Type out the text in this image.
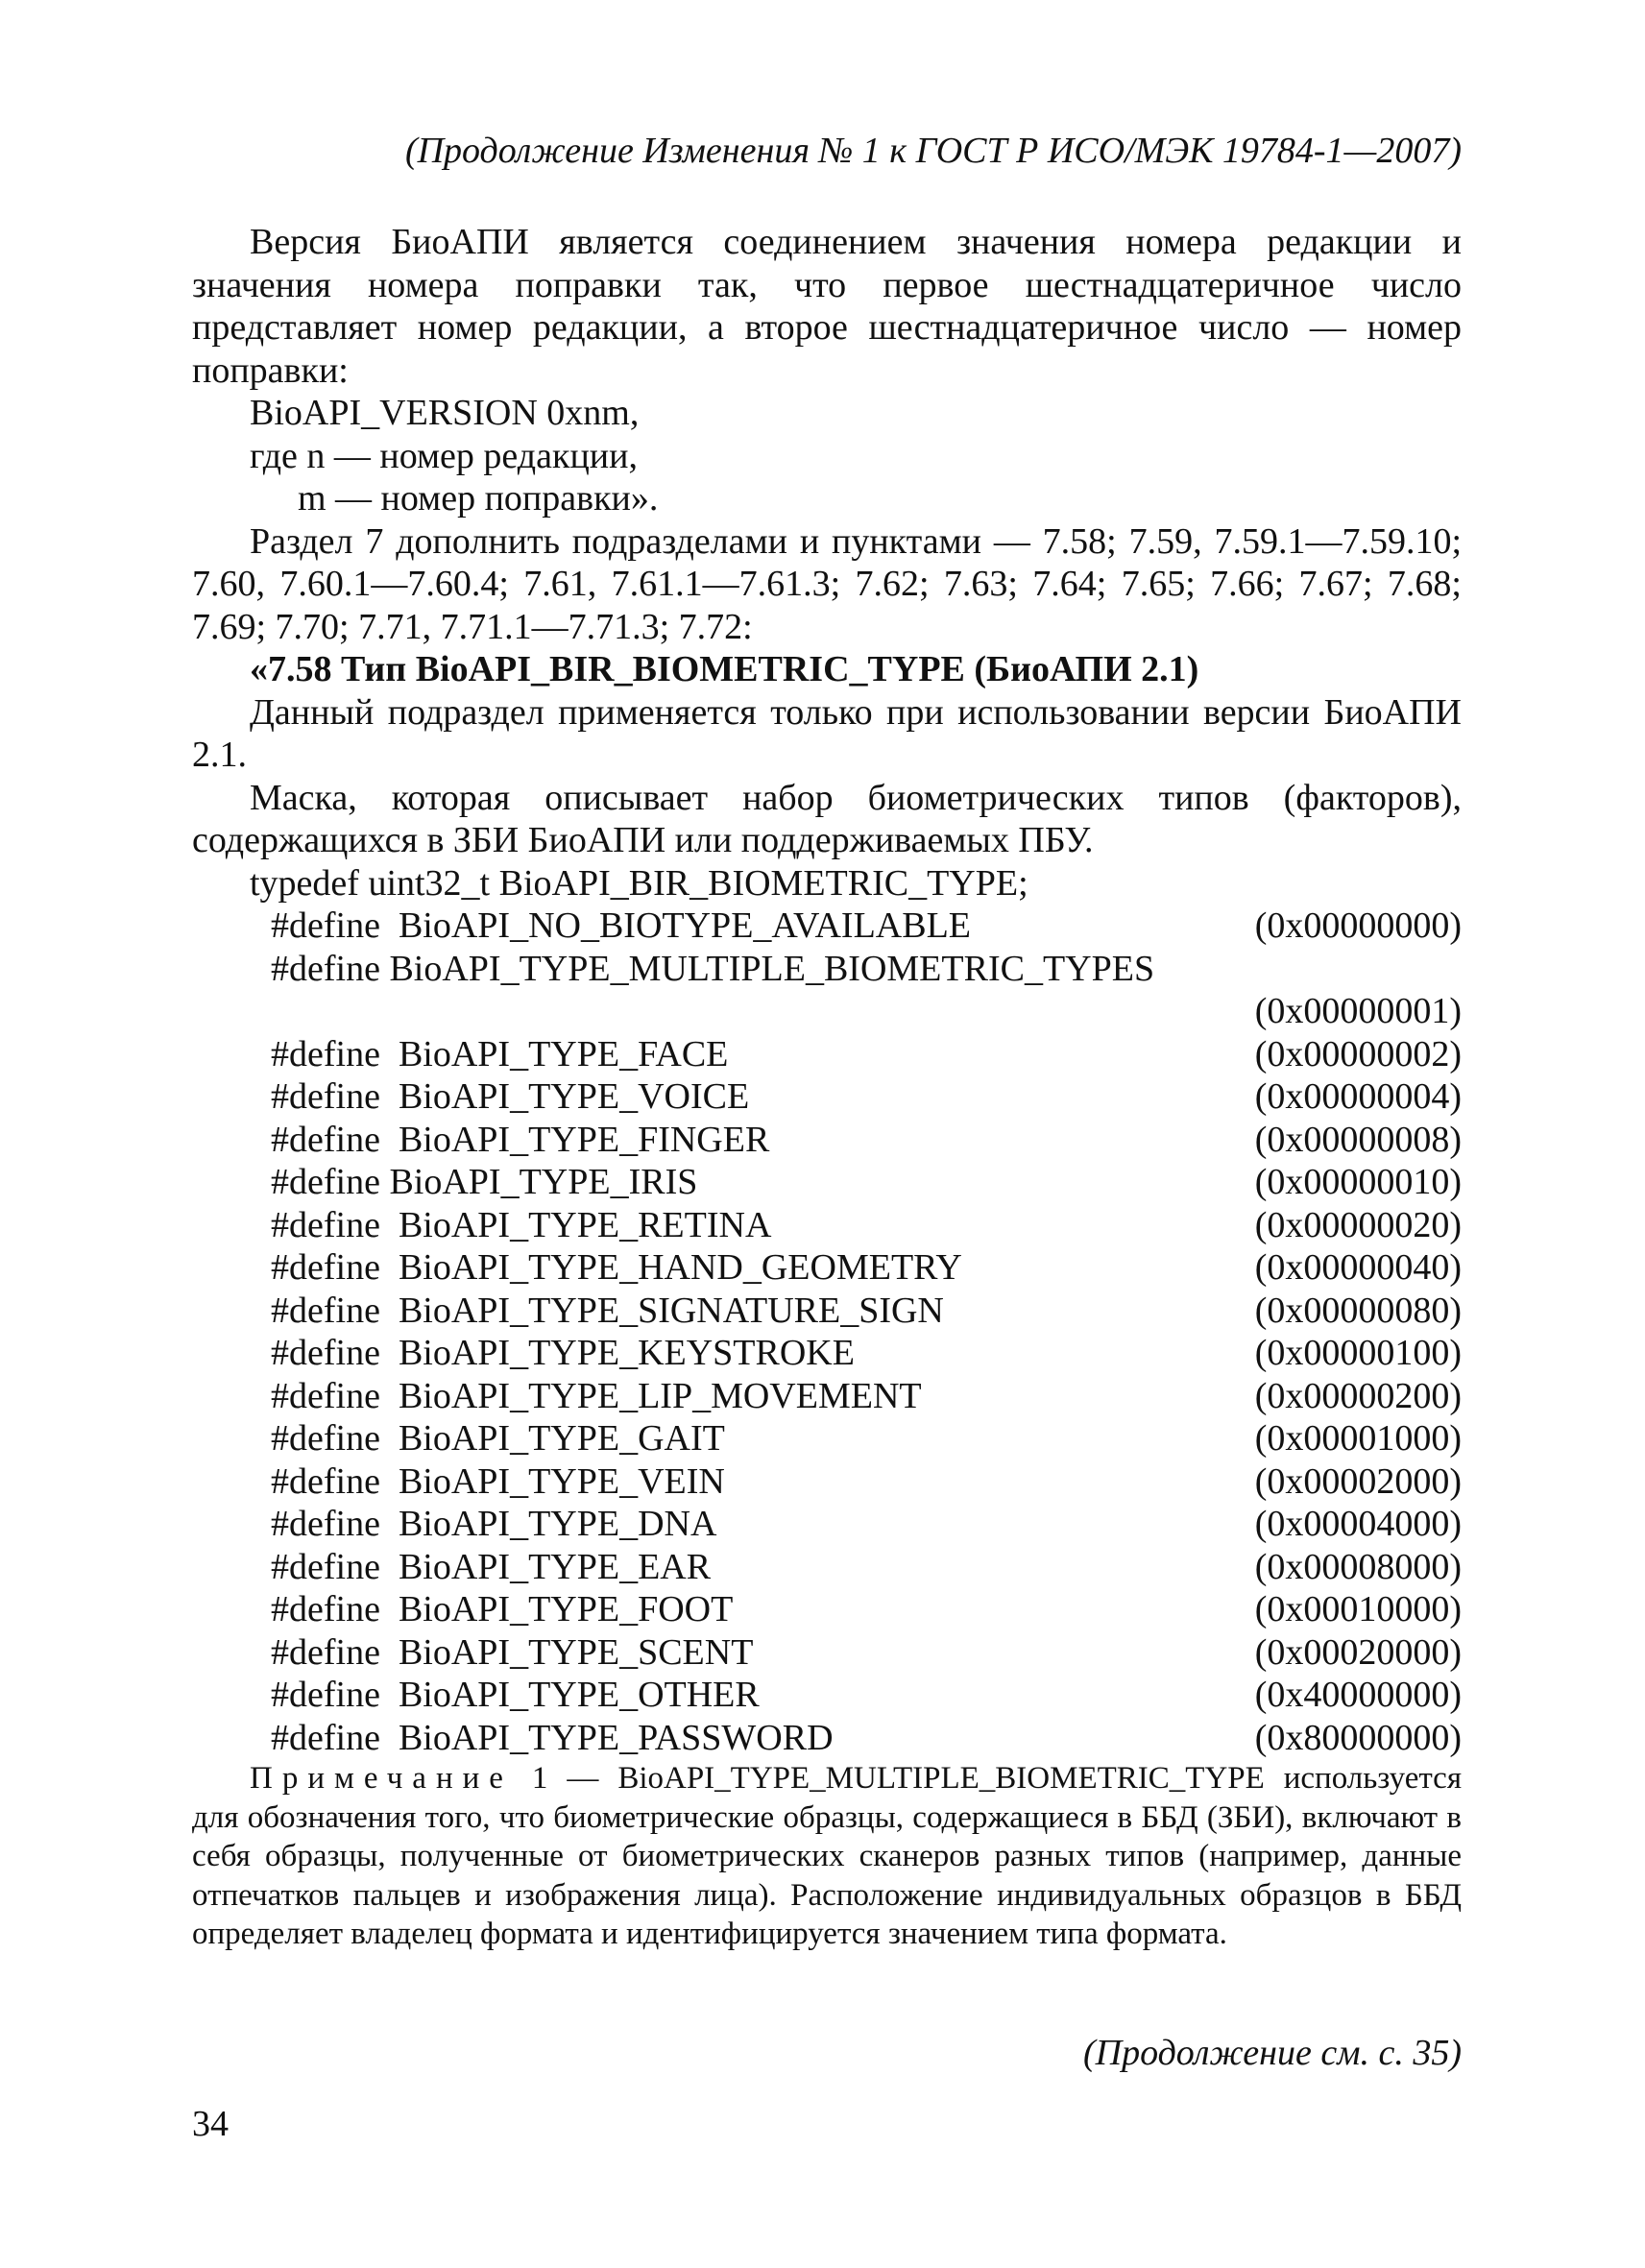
(Продолжение Изменения № 1 к ГОСТ Р ИСО/МЭК 19784-1—2007)

Версия БиоАПИ является соединением значения номера редакции и значения номера поправки так, что первое шестнадцатеричное число представляет номер редакции, а второе шестнадцатеричное число — номер поправки:

BioAPI_VERSION 0xnm,

где n — номер редакции,

m — номер поправки».

Раздел 7 дополнить подразделами и пунктами — 7.58; 7.59, 7.59.1—7.59.10; 7.60, 7.60.1—7.60.4; 7.61, 7.61.1—7.61.3; 7.62; 7.63; 7.64; 7.65; 7.66; 7.67; 7.68; 7.69; 7.70; 7.71, 7.71.1—7.71.3; 7.72:

«7.58 Тип BioAPI_BIR_BIOMETRIC_TYPE (БиоАПИ 2.1)

Данный подраздел применяется только при использовании версии БиоАПИ 2.1.

Маска, которая описывает набор биометрических типов (факторов), содержащихся в ЗБИ БиоАПИ или поддерживаемых ПБУ.

typedef uint32_t BioAPI_BIR_BIOMETRIC_TYPE;

#define  BioAPI_NO_BIOTYPE_AVAILABLE	(0x00000000)
#define BioAPI_TYPE_MULTIPLE_BIOMETRIC_TYPES
(0x00000001)
#define  BioAPI_TYPE_FACE	(0x00000002)
#define  BioAPI_TYPE_VOICE	(0x00000004)
#define  BioAPI_TYPE_FINGER	(0x00000008)
#define BioAPI_TYPE_IRIS	(0x00000010)
#define  BioAPI_TYPE_RETINA	(0x00000020)
#define  BioAPI_TYPE_HAND_GEOMETRY	(0x00000040)
#define  BioAPI_TYPE_SIGNATURE_SIGN	(0x00000080)
#define  BioAPI_TYPE_KEYSTROKE	(0x00000100)
#define  BioAPI_TYPE_LIP_MOVEMENT	(0x00000200)
#define  BioAPI_TYPE_GAIT	(0x00001000)
#define  BioAPI_TYPE_VEIN	(0x00002000)
#define  BioAPI_TYPE_DNA	(0x00004000)
#define  BioAPI_TYPE_EAR	(0x00008000)
#define  BioAPI_TYPE_FOOT	(0x00010000)
#define  BioAPI_TYPE_SCENT	(0x00020000)
#define  BioAPI_TYPE_OTHER	(0x40000000)
#define  BioAPI_TYPE_PASSWORD	(0x80000000)

Примечание 1 — BioAPI_TYPE_MULTIPLE_BIOMETRIC_TYPE используется для обозначения того, что биометрические образцы, содержащиеся в ББД (ЗБИ), включают в себя образцы, полученные от биометрических сканеров разных типов (например, данные отпечатков пальцев и изображения лица). Расположение индивидуальных образцов в ББД определяет владелец формата и идентифицируется значением типа формата.

(Продолжение см. с. 35)
34
